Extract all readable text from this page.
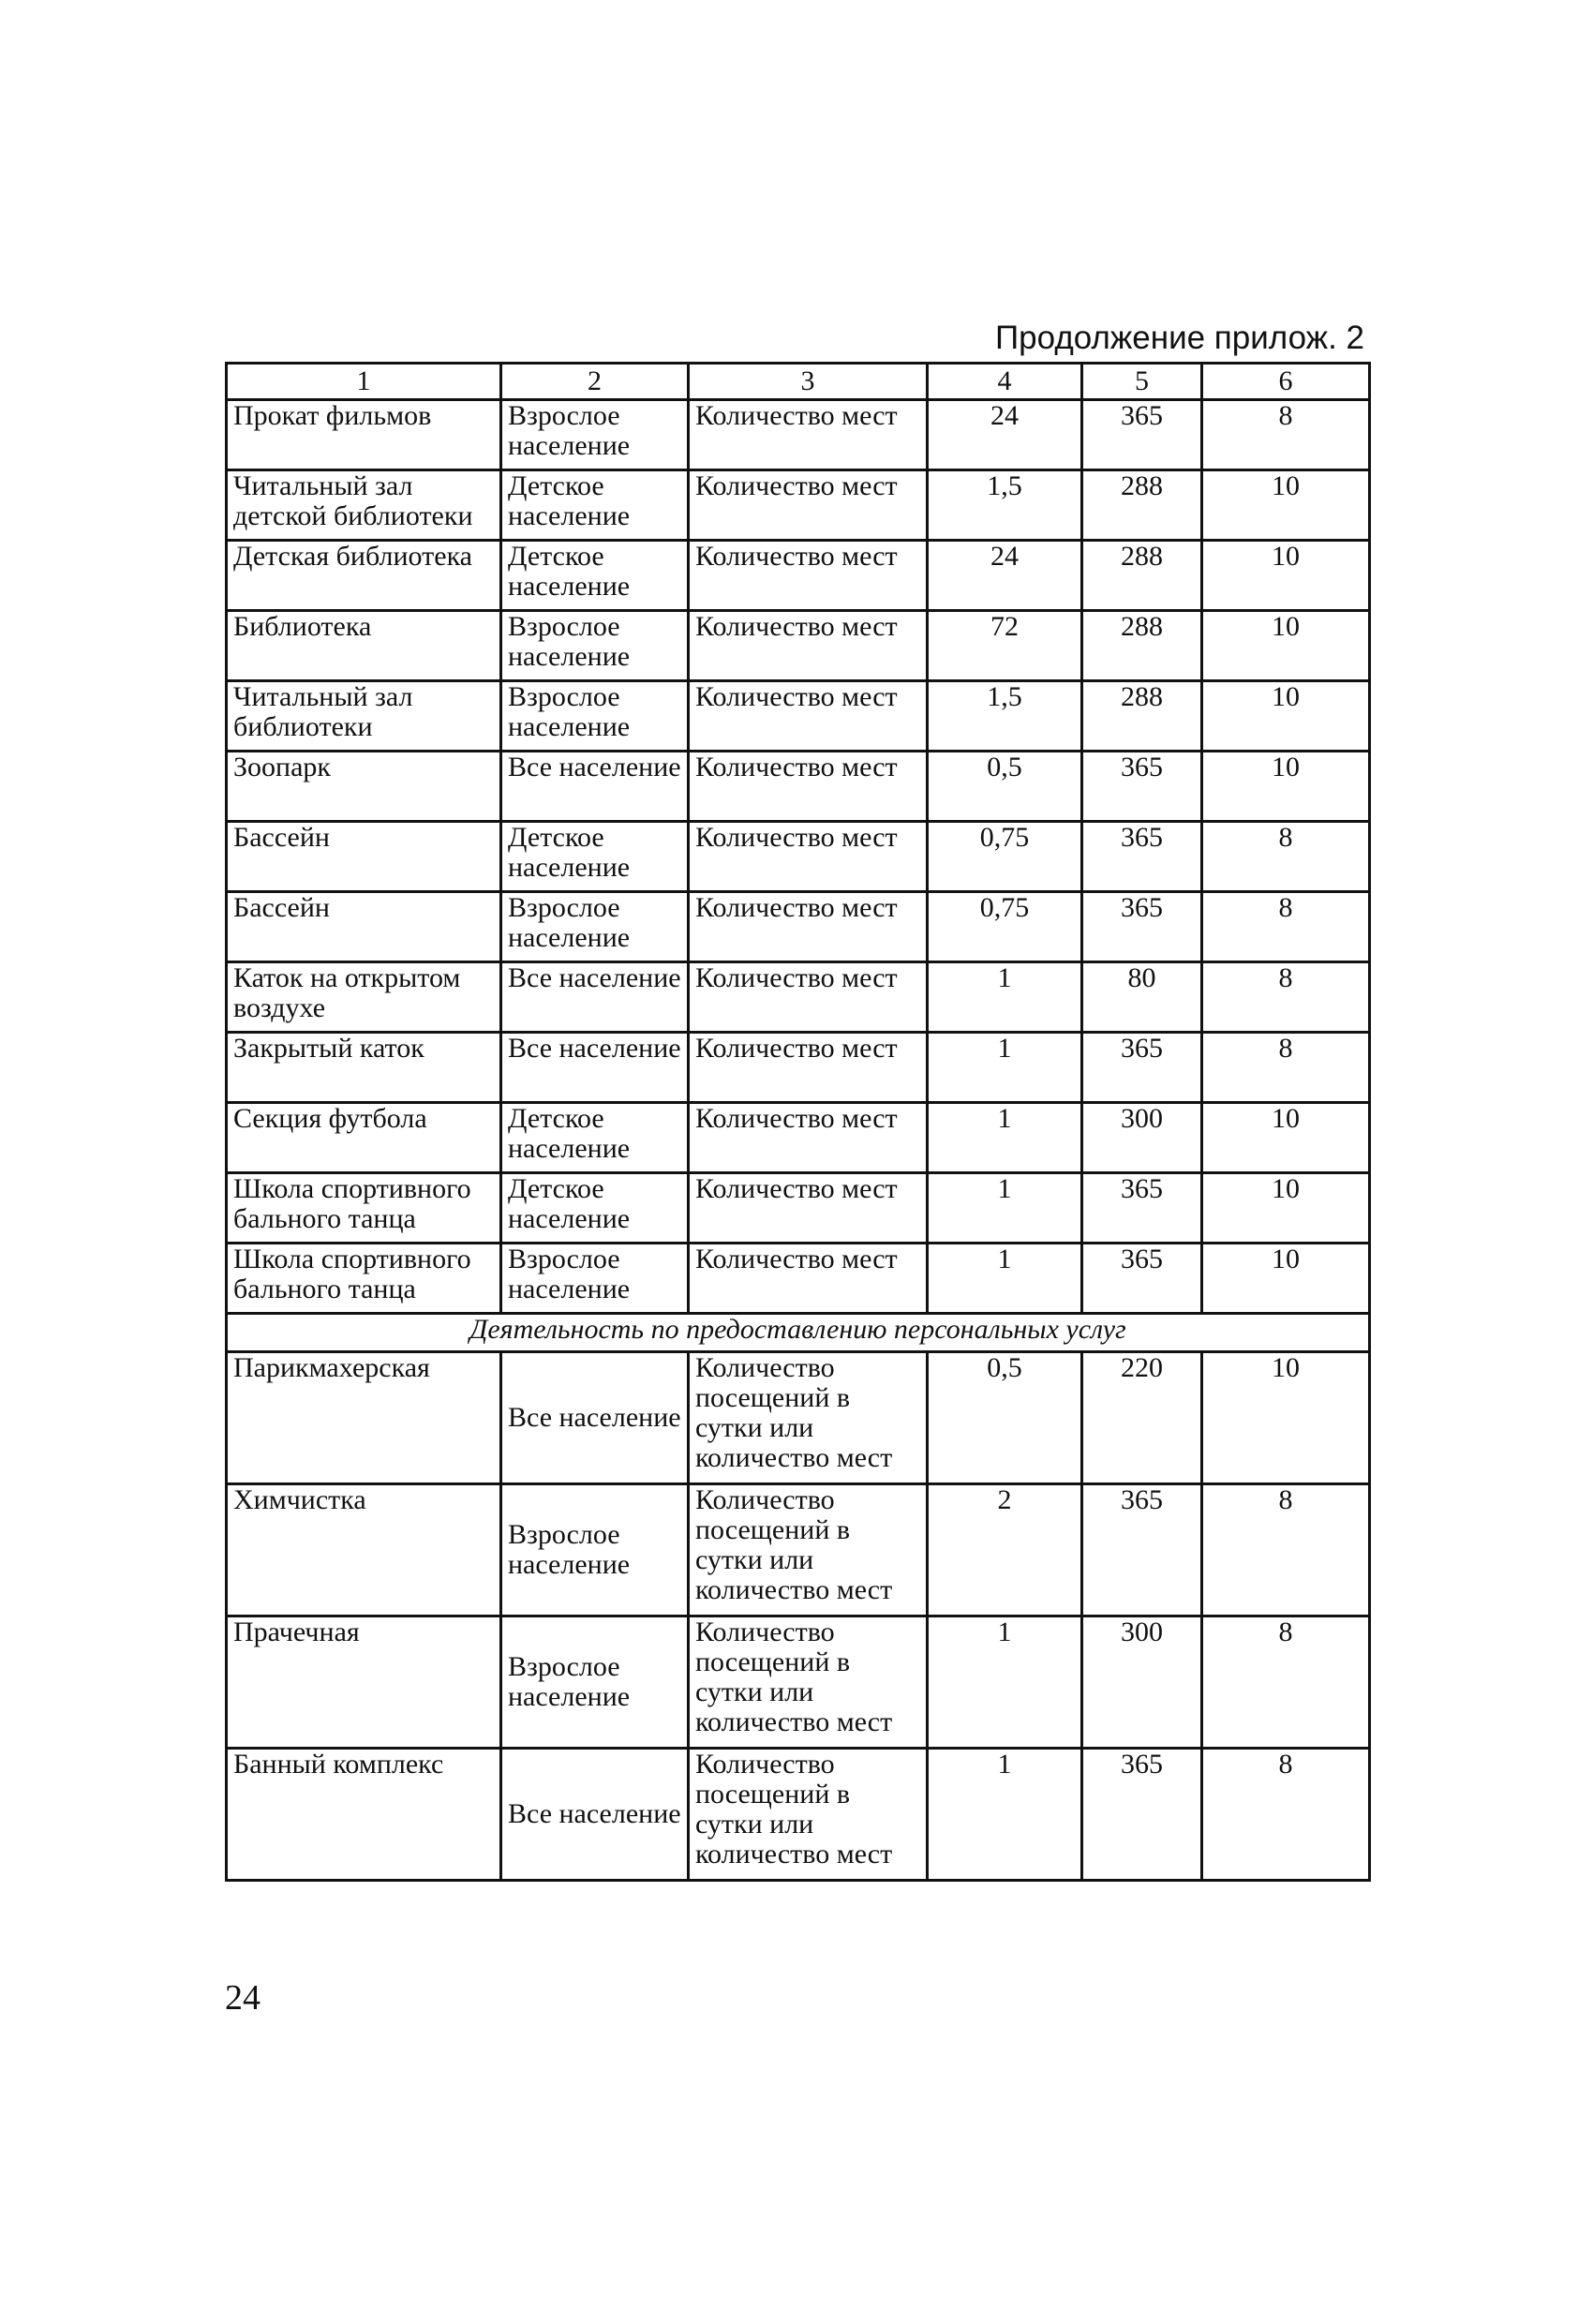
Продолжение прилож. 2
1	2	3	4	5	6
Прокат фильмов	Взрослое население	Количество мест	24	365	8
Читальный зал детской библиотеки	Детское население	Количество мест	1,5	288	10
Детская библиотека	Детское население	Количество мест	24	288	10
Библиотека	Взрослое население	Количество мест	72	288	10
Читальный зал библиотеки	Взрослое население	Количество мест	1,5	288	10
Зоопарк	Все население	Количество мест	0,5	365	10
Бассейн	Детское население	Количество мест	0,75	365	8
Бассейн	Взрослое население	Количество мест	0,75	365	8
Каток на открытом воздухе	Все население	Количество мест	1	80	8
Закрытый каток	Все население	Количество мест	1	365	8
Секция футбола	Детское население	Количество мест	1	300	10
Школа спортивного бального танца	Детское население	Количество мест	1	365	10
Школа спортивного бального танца	Взрослое население	Количество мест	1	365	10
Деятельность по предоставлению персональных услуг					
Парикмахерская	Все население	Количество посещений в сутки или количество мест	0,5	220	10
Химчистка	Взрослое население	Количество посещений в сутки или количество мест	2	365	8
Прачечная	Взрослое население	Количество посещений в сутки или количество мест	1	300	8
Банный комплекс	Все население	Количество посещений в сутки или количество мест	1	365	8
24
